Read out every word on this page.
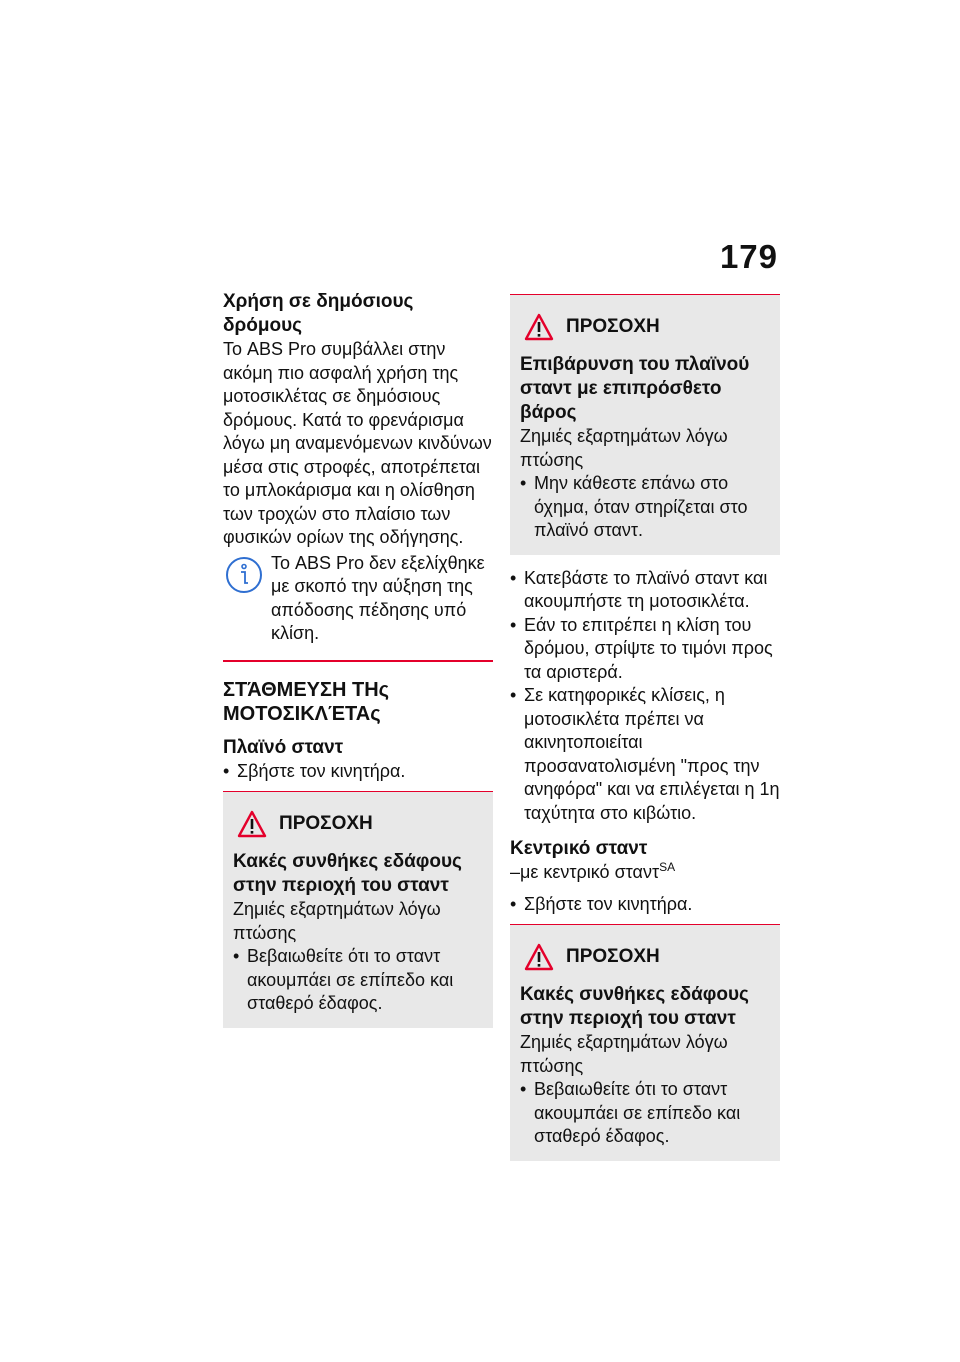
179

Χρήση σε δημόσιους δρόμους

Το ABS Pro συμβάλλει στην ακόμη πιο ασφαλή χρήση της μοτοσικλέτας σε δημόσιους δρόμους. Κατά το φρενάρισμα λόγω μη αναμενόμενων κινδύνων μέσα στις στροφές, αποτρέπεται το μπλοκάρισμα και η ολίσθηση των τροχών στο πλαίσιο των φυσικών ορίων της οδήγησης.

Το ABS Pro δεν εξελίχθηκε με σκοπό την αύξηση της απόδοσης πέδησης υπό κλίση.

ΣΤΆΘΜΕΥΣΗ ΤΗς ΜΟΤΟΣΙΚΛΈΤΑς

Πλαϊνό σταντ

• Σβήστε τον κινητήρα.
ΠΡΟΣΟΧΗ

Κακές συνθήκες εδάφους στην περιοχή του σταντ

Ζημιές εξαρτημάτων λόγω πτώσης

• Βεβαιωθείτε ότι το σταντ ακουμπάει σε επίπεδο και σταθερό έδαφος.
ΠΡΟΣΟΧΗ

Επιβάρυνση του πλαϊνού σταντ με επιπρόσθετο βάρος

Ζημιές εξαρτημάτων λόγω πτώσης

• Μην κάθεστε επάνω στο όχημα, όταν στηρίζεται στο πλαϊνό σταντ.
• Κατεβάστε το πλαϊνό σταντ και ακουμπήστε τη μοτοσικλέτα.
• Εάν το επιτρέπει η κλίση του δρόμου, στρίψτε το τιμόνι προς τα αριστερά.
• Σε κατηφορικές κλίσεις, η μοτοσικλέτα πρέπει να ακινητοποιείται προσανατολισμένη "προς την ανηφόρα" και να επιλέγεται η 1η ταχύτητα στο κιβώτιο.

Κεντρικό σταντ

–με κεντρικό σταντ$^{SA}$

• Σβήστε τον κινητήρα.
ΠΡΟΣΟΧΗ

Κακές συνθήκες εδάφους στην περιοχή του σταντ

Ζημιές εξαρτημάτων λόγω πτώσης

• Βεβαιωθείτε ότι το σταντ ακουμπάει σε επίπεδο και σταθερό έδαφος.
